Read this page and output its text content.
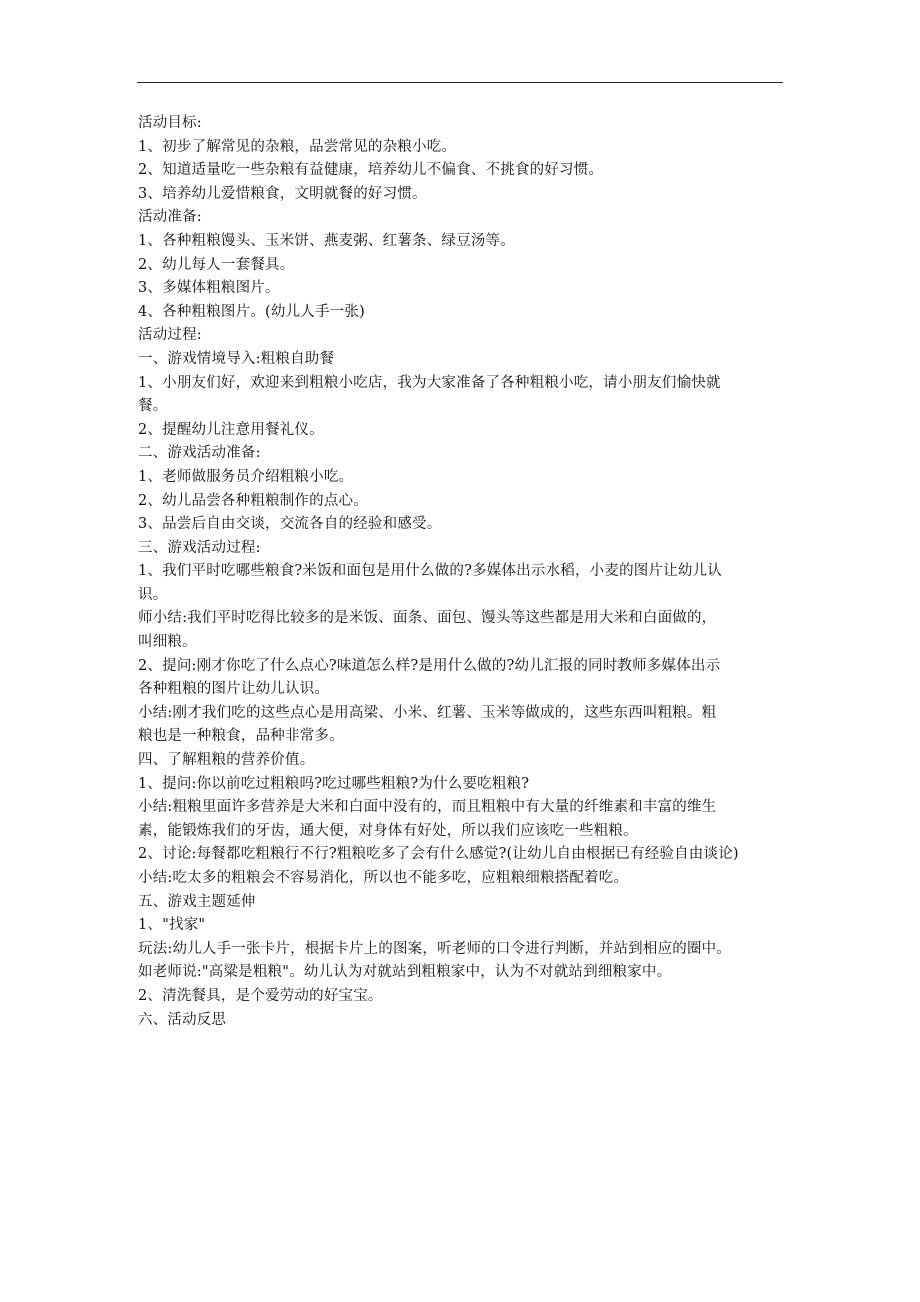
活动目标:
1、初步了解常见的杂粮，品尝常见的杂粮小吃。
2、知道适量吃一些杂粮有益健康，培养幼儿不偏食、不挑食的好习惯。
3、培养幼儿爱惜粮食，文明就餐的好习惯。
活动准备:
1、各种粗粮馒头、玉米饼、燕麦粥、红薯条、绿豆汤等。
2、幼儿每人一套餐具。
3、多媒体粗粮图片。
4、各种粗粮图片。(幼儿人手一张)
活动过程:
一、游戏情境导入:粗粮自助餐
1、小朋友们好，欢迎来到粗粮小吃店，我为大家准备了各种粗粮小吃，请小朋友们愉快就
餐。
2、提醒幼儿注意用餐礼仪。
二、游戏活动准备:
1、老师做服务员介绍粗粮小吃。
2、幼儿品尝各种粗粮制作的点心。
3、品尝后自由交谈，交流各自的经验和感受。
三、游戏活动过程:
1、我们平时吃哪些粮食?米饭和面包是用什么做的?多媒体出示水稻，小麦的图片让幼儿认
识。
师小结:我们平时吃得比较多的是米饭、面条、面包、馒头等这些都是用大米和白面做的，
叫细粮。
2、提问:刚才你吃了什么点心?味道怎么样?是用什么做的?幼儿汇报的同时教师多媒体出示
各种粗粮的图片让幼儿认识。
小结:刚才我们吃的这些点心是用高梁、小米、红薯、玉米等做成的，这些东西叫粗粮。粗
粮也是一种粮食，品种非常多。
四、了解粗粮的营养价值。
1、提问:你以前吃过粗粮吗?吃过哪些粗粮?为什么要吃粗粮?
小结:粗粮里面许多营养是大米和白面中没有的，而且粗粮中有大量的纤维素和丰富的维生
素，能锻炼我们的牙齿，通大便，对身体有好处，所以我们应该吃一些粗粮。
2、讨论:每餐都吃粗粮行不行?粗粮吃多了会有什么感觉?(让幼儿自由根据已有经验自由谈论)
小结:吃太多的粗粮会不容易消化，所以也不能多吃，应粗粮细粮搭配着吃。
五、游戏主题延伸
1、"找家"
玩法:幼儿人手一张卡片，根据卡片上的图案，听老师的口令进行判断，并站到相应的圈中。
如老师说:"高粱是粗粮"。幼儿认为对就站到粗粮家中，认为不对就站到细粮家中。
2、清洗餐具，是个爱劳动的好宝宝。
六、活动反思
